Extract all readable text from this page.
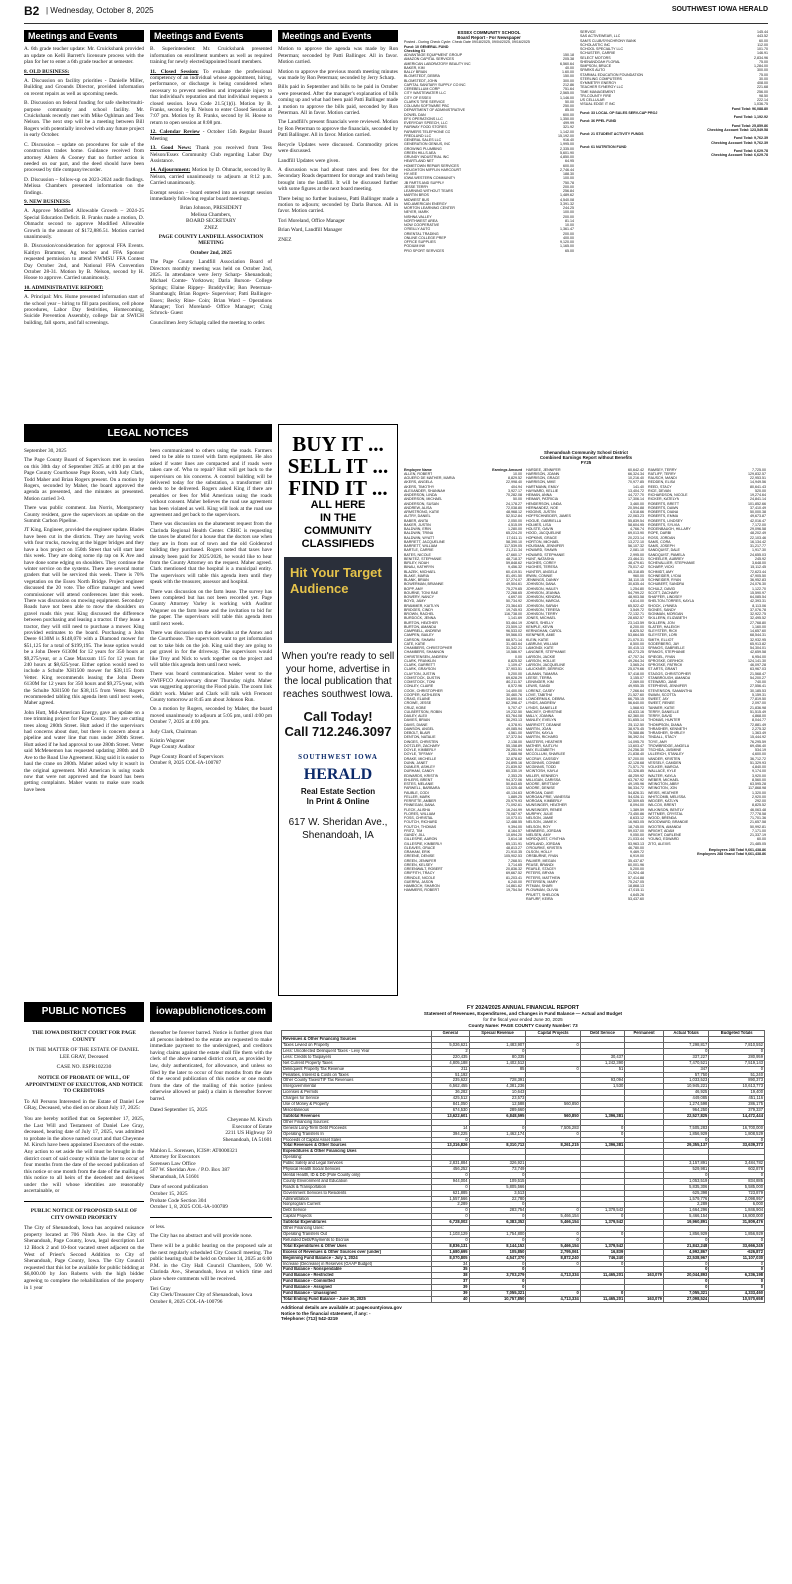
B2 | Wednesday, October 8, 2025	SOUTHWEST IOWA HERALD
Meetings and Events

A. 6th grade teacher update: Mr. Cruickshank provided an update on Kelli Barrett's licensure process with the plan for her to enter a 6th grade teacher at semester.

8. OLD BUSINESS:

A. Discussion on facility priorities - Danielle Miller, Building and Grounds Director, provided information on recent repairs as well as upcoming needs.

B. Discussion on federal funding for safe shelter/multi-purpose community and school facility. Mr. Cruickshank recently met with Mike Oghlman and Tess Nelson. The next step will be a meeting between Bill Rogers with potentially involved with any future project in early October.

C. Discussion – update on procedures for sale of the construction trades home. Guidance received from attorney Ahlers & Cooney that no further action is needed on our part, and the deed should have been processed by title company/recorder.

D. Discussion – follow-up on 2023-2024 audit findings. Melissa Chambers presented information on the findings.

9. NEW BUSINESS:

A. Approve Modified Allowable Growth – 2024-25 Special Education Deficit. B. Franks made a motion, D. Ohmacht second to approve Modified Allowable Growth in the amount of $172,886.51. Motion carried unanimously.

B. Discussion/consideration for approval FFA Events. Kaitlyn Brammer, Ag teacher and FFA Sponsor requested permission to attend NWMSU FFA Contest Day October 2nd, and National FFA Convention October 28-31. Motion by B. Nelson, second by H. Hoose to approve. Carried unanimously.

10. ADMINISTRATIVE REPORT:

A. Principal: Mrs. Hume presented information start of the school year – hiring to fill para positions, cell phone procedures, Labor Day festivities, Homecoming, Suicide Prevention Assembly, college fair at SWICH building, fall sports, and fall screenings.

Meetings and Events

B. Superintendent: Mr. Cruickshank presented information on enrollment numbers as well as required training for newly elected/appointed board members.

11. Closed Session: To evaluate the professional competency of an individual whose appointment, hiring, performance, or discharge is being considered when necessary to prevent needless and irreparable injury to that individual's reputation and that individual requests a closed session. Iowa Code 21.5(1)(i). Motion by B. Franks, second by B. Nelson to enter Closed Session at 7:07 pm. Motion by B. Franks, second by H. Hoose to return to open session at 8:08 pm.

12. Calendar Review - October 15th Regular Board Meeting

13. Good News: Thank you received from Tess Nelson/Essex Community Club regarding Labor Day Assistance.

14. Adjournment: Motion by D. Ohmacht, second by B. Nelson, carried unanimously to adjourn at 8:12 p.m. Carried unanimously.

Exempt session – board entered into an exempt session immediately following regular board meetings.

Brian Johnson, PRESIDENT
Melissa Chambers,
BOARD SECRETARY
ZNEZ

PAGE COUNTY LANDFILL ASSOCIATION MEETING

October 2nd, 2025

The Page County Landfill Association Board of Directors monthly meeting was held on October 2nd, 2025. In attendance were Jerry Scharp- Shenandoah; Michael Comte- Yorktown; Darla Burson- College Springs; Elaine Rippey- Braddyville; Ron Peterman- Shambaugh; Brian Rogers- Supervisor; Patti Ballinger- Essex; Becky Rine- Coin; Brian Ward – Operations Manager; Tori Moreland- Office Manager; Craig Schrock- Guest

Councilmen Jerry Schaplg called the meeting to order.

Meetings and Events

Motion to approve the agenda was made by Ron Peterman; seconded by Patti Ballinger. All in favor. Motion carried.

Motion to approve the previous month meeting minutes was made by Ron Peterman; seconded by Jerry Scharp.

Bills paid in September and bills to be paid in October were presented. After the manager's explanation of bills coming up and what had been paid Patti Ballinger made a motion to approve the bills paid, seconded by Ron Peterman. All in favor. Motion carried.

The Landfill's present financials were reviewed. Motion by Ron Peterman to approve the financials, seconded by Patti Ballinger. All in favor. Motion carried.

Recycle Updates were discussed. Commodity prices were discussed.

Landfill Updates were given.

A discussion was had about rates and fees for the Secondary Roads department for storage and trash being brought into the landfill. It will be discussed further with some figures at the next board meeting.

There being no further business, Patti Ballinger made a motion to adjourn; seconded by Darla Burson. All in favor. Motion carried.

Tori Moreland, Office Manager

Brian Ward, Landfill Manager

ZNEZ

ESSEX COMMUNITY SCHOOL
Board Report - For Newspaper
Posted - During Check Cycle: Check Date 09/18/2025, 09/04/2025, 09/16/2025
Fund: 10 GENERAL FUND
Checking 01
ADVANTAGE EQUIPMENT GROUP	150.18
AMAZON CAPITAL SERVICES	205.38
AMERICAN LABORATORY BEAUTY INC	6,560.64
BAKER, KIM	40.00
BALLY BRIAN	1.60.00
BLOMSTEDT, DEBRA	150.00
BLOMSTEDT, JOHN	300.00
CAPITAL SANITARY SUPPLY CO INC	212.86
CEREBELLUM CORP	751.64
CITY WASTEWATER LLC	2,565.00
CITY OF ESSEX	1,146.00
CLARK'S TIRE SERVICE	50.00
COLUMN SOFTWARE PBC	250.00
DEPARTMENT OF ADMINISTRATIVE	85.00
DOWEL DAN	600.00
EFX OPERATIONS LLC	1,350.00
EVERYDAY SPEECH, LLC	499.99
FAIRWAY FOOD STORES	321.92
FARMERS TELEPHONE CO	1,142.00
FREDLUND LLC	15,192.00
GENERAL SALES LLC	916.40
GENERATION GENIUS, INC	1,995.00
GROWING PLUMBING	2,335.00
GREEN HILLS AEA	5,601.90
GRUNDY INDUSTRIAL INC	4,850.00
HEARTLAND NET	64.95
HOMETOWN REPAIR SERVICES	600.00
HOUGHTON MIFFLIN HARCOURT	2,746.44
HY-VEE	188.30
IOWA WESTERN COMMUNITY	100.00
JB PARTS AND SUPPLY	750.78
JESSE TERRY	200.00
LEARNING WITHOUT TEARS	256.84
MARTIN BROS	1,489.62
MIDWEST BUS	4,540.08
MID-AMERICAN ENERGY	3,391.32
MORTON LEARNING CENTER	244.25
NEYER, MARK	100.00
NISHNA VALLEY	200.00
NORTHWEST AREA	81.14
NOW COOPERATIVE	10.00
O'REILLY AUTO	1,361.47
ORIENTAL TRADING	200.00
ONLINE COLLEGE PREP	400.00
OFFICE SUPPLIES	9,120.00
PODIUM INK	1,165.00
PRO SPORT SERVICES	65.00
SERVICE	145.44
SAS ACTIVEWEAR, LLC	443.52
SAM'S CLUB/SYNCHRONY BANK	60.00
SCHOLASTIC INC	112.00
SCHOOL SPECIALTY LLC	101.70
SCHUSTER, CARRIE	146.91
SELECT MOTORS	2,834.96
SHENANDOAH FLORAL	75.00
SIMPSON, BRUCE	1,284.00
SPARKS AUTO	300.00
STARMAL EDUCATION FOUNDATION	75.00
STERLING COMPUTERS	30.00
SYMMETRY ENERGY	408.00
TEACHER SYNERGY LLC	221.68
TIME MANAGEMENT	256.00
TRI-COUNTY FIRE	98.50
US CELLULAR	222.14
VISUAL EDGE IT INC	1,036.75
Fund Total: 96,088.80
Fund: 33 LOCAL OP SALES SERV-CAP PROJ
Fund Total: 1,192.92
Fund: 36 PPEL FUND
Fund Total: 25,859.86
Checking Account Total: 123,549.58
Fund: 21 STUDENT ACTIVITY FUNDS
Fund Total: 9,762.39
Checking Account Total: 9,762.39
Fund: 61 NUTRITION FUND
Fund Total: 6,629.78
Checking Account Total: 6,629.78
LEGAL NOTICES

September 30, 2025

The Page County Board of Supervisors met in session on this 30th day of September 2025 at 4:00 pm at the Page County Courthouse Page Room, with Judy Clark, Todd Maher and Brian Rogers present. On a motion by Rogers, seconded by Maher, the board approved the agenda as presented, and the minutes as presented. Motion carried 3-0.

There was public comment. Jan Norris, Montgomery County resident, gave the supervisors an update on the Summit Carbon Pipeline.

JT King, Engineer, provided the engineer update. Blades have been cut in the districts. They are having work with four trucks, mowing at the bigger bridges and they have a box project on 150th Street that will start later this week. They are doing some rip rap on K Ave and have done some edging on shoulders. They continue the winter service on the systems. There are several motor graders that will be serviced this week. There is 70% vegetation on the Essex North Bridge. Project engineer discussed the 20 vote. The office manager and weed commissioner will attend conferences later this week. There was discussion on mowing equipment. Secondary Roads have not been able to mow the shoulders on gravel roads this year. King discussed the difference between purchasing and leasing a tractor. If they lease a tractor, they will still need to purchase a mower. King provided estimates to the board. Purchasing a John Deere 6130M is $148,070 with a Diamond mower for $51,125 for a total of $199,195. The lease option would be a John Deere 6130M for 12 years for 350 hours at $9,275/year, or a Case Maxxum 115 for 12 years for 240 hours at $8,625/year. Either option would need to include a Schulte XH1500 mower for $38,115 from Vetter. King recommends leasing the John Deere 6130M for 12 years for 350 hours and $9,275/year, with the Schulte XH1500 for $38,115 from Vetter. Rogers recommended tabling this agenda item until next week, Maher agreed.

John Hutt, Mid-American Energy, gave an update on a tree trimming project for Page County. They are cutting trees along 280th Street. Hutt asked if the supervisors had concerns about dust, but there is concern about a pipeline and water line that runs under 280th Street. Hutt asked if he had approval to use 280th Street. Vetter said McMenemon has requested updating 280th and D Ave to the Road Use Agreement. King said it is easier to haul the crane on 280th. Maher asked why it wasn't in the original agreement. Mid American is using roads now that were not approved and the board has been getting complaints. Maher wants to make sure roads have been

been communicated to others using the roads. Farmers need to be able to travel with farm equipment. He also asked if water lines are compacted and if roads were taken care of. Who to repair? Hutt will get back to the supervisors on his concerns. A control building will be delivered today for the substation, a transformer still needs to be delivered. Rogers asked King if there are penalties or fees for Mid American using the roads without consent. Maher believes the road use agreement has been violated as well. King will look at the road use agreement and get back to the supervisors.

There was discussion on the abatement request from the Clarinda Regional Health Center. CRHC is requesting the taxes be abated for a house that the doctors use when they are in from out of town and the old Goldenrod building they purchased. Rogers noted that taxes have already been paid for 2025/2026, he would like to hear from the County Attorney on the request. Maher agreed. Clark mentioned that the hospital is a municipal entity. The supervisors will table this agenda item until they speak with the treasurer, assessor and hospital.

There was discussion on the farm lease. The survey has been completed but has not been recorded yet. Page County Attorney Varley is working with Auditor Wagoner on the farm lease and the invitation to bid for the paper. The supervisors will table this agenda item until next week.

There was discussion on the sidewalks at the Annex and the Courthouse. The supervisors want to get information out to take bids on the job. King said they are going to put gravel in for the driveway. The supervisors would like Troy and Nick to work together on the project and will table this agenda item until next week.

There was board communication. Maher went to the SWIFFCO Anniversary dinner Thursday night. Maher was suggesting approving the Flood plain. The zoom link didn't work. Maher and Clark will talk with Fremont County tomorrow at 8:45 am about Johnson Run.

On a motion by Rogers, seconded by Maher, the board moved unanimously to adjourn at 5:05 pm, until 4:00 pm October 7, 2025 at 4:00 pm.

Judy Clark, Chairman

Kristin Wagoner
Page County Auditor

Page County Board of Supervisors
October 8, 2025 COL-IA-100787

BUY IT ...
SELL IT ...
FIND IT ...
ALL HERE
IN THE
COMMUNITY
CLASSIFIEDS
Hit Your Target Audience
When you're ready to sell your home, advertise in the local publication that reaches southwest Iowa.
Call Today!
Call 712.246.3097
SOUTHWEST IOWA
HERALD
Real Estate Section
In Print & Online
617 W. Sheridan Ave.,
Shenandoah, IA
Shenandoah Community School District
Combined Earnings Report without Benefits
FY25
Employee Name	Earnings Amount
ALLEN, ROBERT	10.00
AGUERO DE MATHER, MARIA	8,829.52
AKERS, ANGELA	22,998.40
AKERS, TIMOTHY	404.94
ALEXANDER, SHANNAH	3,927.17
ANDERSON, LINDA	70,282.08
ANDERSON, MICHAEL	50.00
ANDERSON, SUSAN	24,178.27
ANDREW, ALISA	72,038.80
ARMSTRONG, KATIE	48,968.12
AUTRY, DANIEL	52,512.84
BABER, ANITA	2,050.00
BAKER, JUSTIN	4,515.09
BALDWIN, ERIN	1,280.00
BALDWIN, TRINA	65,224.20
BALDWIN, WYATT	17,611.11
BARRETT, JACQUELINE	58,390.10
BARRETT, WILLIAM	117,539.05
BARTLE, CARRIE	21,211.34
BATES, NICOLE	47,660.17
BENITEZ, STEPHANIE	48,718.37
BIRLEY, NOAH	59,848.62
BINAU, KATHRYN	9,456.32
BLAZEK, MICHAEL	60,419.51
BLAKE, MARIA	81,491.50
BLANK, BRIAN	37,274.07
BOWERMAN, BRIANNE	49,504.61
BOPP, AMY	75,279.65
BOURNE, TONI RAE	72,268.65
BOWERY, NANCY	4,697.00
BOYD, JAMY	50,734.92
BRAMMER, KAITLYN	23,364.63
BRIDGES, CINDY	19,745.93
BROWN, RACHEL	116,738.00
BURDOCK, JENNA	1,141.69
BURTON, HEATHER	53,464.19
BURTON, AMANDA	23,509.12
CAMPBELL, ANDREW	96,533.02
CAMPEN, BAILEY	59,566.03
CARSON, SHAWN	68,571.14
CATE, KATIE	31,483.64
CHAMBERS, CHRISTOPHER	31,342.21
CHAMBERS, SHANNON	10,586.97
CHRISTENSEN, ANDREW	0.00
CLARK, FRANKLIN	8,825.52
CLARK, GARRETT	1,109.47
CLARK, GRAYSON	37,903.51
CLAYTON, JUSTIN	5,200.00
COMSTOCK, DUSTIN	69,628.29
COMSTOCK, TONI	80,211.57
CONLEY, CLAIRE	8,572.96
COOK, CHRISTOPHER	14,400.00
COOPER, KATHLEEN	30,460.76
CRAIG, ELAINE	34,690.04
CROWE, JESSE	62,398.47
CRUZ, KOBE	5,707.47
CULBERTSON, ROBIN	19,232.50
DAILEY, ALEX	63,764.08
DAVIES, BRIAN	36,293.13
DAVIS, DIANE	4,378.91
DAWSON, ANGEL	49,085.94
DEBOLT, BLAIR	4,561.00
DENTON, NATALIE	37,372.54
DINGES, CHRISTEN	2,138.00
DOTZLER, ZACHARY	55,158.89
DOYLE, KIMBERLY	28,251.94
DOYLE, TIFFANY	3,688.98
DRAKE, MICHELLE	32,878.62
DUNN, JANET	24,895.16
DUMLER, ASHLEY	21,839.52
DURHAM, CANDY	60,330.19
EDWARDS, KRISTIN	2,353.25
EHLERS, BRENT	94,372.06
ESTES, MELANIE	50,843.65
FARWELL, BARBARA	13,025.48
FAUBLE, CODI	40,134.63
FELLER, MARK	1,889.25
FERRITTE, AMBER	25,979.93
FINNEGAN, DANA	71,092.61
FLECK, ALISHA	16,244.99
FLORES, WILLIAM	70,087.97
FOSS, CHRISTAL	10,073.01
FOUTCH, RICHARD	12,488.55
FOUTCH, THOMAS	9,394.00
FRITZ, TIM	8,164.57
GANDY, JILL	10,694.20
GILLESPIE, AARON	3,614.18
GILLESPIE, KIMBERLY	65,131.91
GLEAVES, GRACE	48,813.27
GRAHAM, ERIK	21,910.35
GREENE, DENISE	105,902.53
GREEN, JENNIFER	7,268.51
GREEN, KELSEY	3,714.65
GREENWALT, ROBERT	20,836.32
GRIFFITH, TRACY	69,667.52
GRINDLE, NICOLE	81,203.41
GUERRA, JASON	6,240.00
HAMBOCH, SHARON	14,861.62
HAMMERS, ROBERT	19,754.54
HARDEE, JENNIFER	60,642.42
HARRISON, JOANN	66,324.34
HARRISON, GRACE	10,216.40
HARRISON, MIKE	70,977.85
HARTMANN, EMILY	141.40
HAYWARD, KELLIE	13,404.72
HEIMAN, ANNA	44,727.70
HEIMAR, PATRICIA	17,306.14
HENDERSON, LINDA	3,460.00
HERNANDEZ, NOE	20,594.88
HIGGINS, JUSTIN	4,518.66
HOFFSCHNEIDER, JAMES	22,063.23
HOGUE, GABRIELLA	55,839.54
HOLMES, LISA	58,604.95
HOLSTE, GAVIN	4,766.74
HOOD, JACQUELINE	69,013.90
HOPKINS, GRACE	20,223.14
HORTON, MICHAEL	13,272.10
HOUSMAN, JENNIFER	56,107.32
HOWARD, SHAWN	2,081.10
HOWARD, STEPHANIE	2,995.00
HUNT, NATASHA	23,464.31
HUGHES, COREY	48,479.61
HUGHES, TERESA	75,017.42
HUNTER, ANGELA	65,318.85
IRWIN, CONNIE	960.00
JENNINGS, DANNY	38,110.15
JOHNSON, DANA	30,635.44
JOHNSON, HAILEY	1,254.80
JOHNSON, JEANNA	54,799.22
JOHNSON, KENDRA	48,903.58
JOHNSON, MARCIA	4,614.00
JOHNSON, SARAH	65,522.42
JOHNSON, TERESA	3,549.72
JOHNSON, TERRY	72,132.71
JONES, MICHAEL	28,652.57
JONES, SHELLY	23,143.59
KEMPLE, KEVIN	8,200.00
KERNIGHAN, CAROL	8,825.52
KIENPNER, AMIE	53,664.55
KLEIN, KATIE	21,070.31
LABRUNI, WILLIAM	8,500.00
LAMONDI, KATE	30,415.13
LANGNER, STEPHANIE	65,273.25
LARSON, JACKIE	47,707.34
LARSON, HOLLIE	49,264.34
LARSON, JACQUELINE	3,565.24
LAUCKNER, DERRICK	25,079.66
LAUMAN, TAMARA	57,418.00
LEESE, TERRA	3,155.07
LEININGER, KIM	2,069.00
LEWIS, SANDI	49,955.35
LORENZ, CASEY	7,266.64
LOVE, TABITHA	21,527.60
LOWDERMILK, DEBRA	66,755.15
LYNDS, ANDREW	56,640.00
LYNDS, DANIELLE	1,568.93
MACKEY, CHRISTINE	43,633.16
MALLY, JOANNA	62,360.00
MANLEY, EVELYN	51,655.14
MARRIOTT, DEANNE	25,112.50
MARTIN, JOAN	38,975.45
MARTIN, KAYLA	75,588.86
MARTIN, RICHARD	56,392.04
MASTERS, HEATHER	14,095.70
MATHER, KAITLYN	13,603.47
MAY, ELIZABETH	24,256.30
MCCOLLUM, SHARLEE	21,838.40
MCCRAY, CASSIDY	57,200.00
MCGINNIS, CONNIE	42,128.68
MCGINNIS, TODD	71,571.70
MCINTOSH, KAYLA	31,326.85
MILLER, KENNEDY	48,259.92
MILLIGAN, CARISSA	63,767.92
MOORE, BRITTANY	49,195.96
MOORE, DENISE	56,334.72
MORGAN, DAVE	54,826.31
MORGAN-FRIE, VANESSA	54,026.11
MORGAN, KIMBERLY	52,509.65
MUNSINGER, HEATHER	8,094.00
MUNSINGER, RENEE	1,389.59
MURPHY, JULIE	73,450.86
NELSON, JAMIE	8,633.12
NELSON, JAMIE K	16,983.05
NELSON, ROY	18,745.00
NEWBERG, JORDAN	59,037.00
NIELSEN, AMY	9,050.00
NORDQUIST, CYNTHIA	21,033.44
NORLAND, JORDAN	53,963.13
O'ROURKE, KRISTEN	46,780.00
OLSON, HOLLY	9,469.72
ORSBURNE, RYAN	6,919.00
PALMER, MEGAN	35,437.87
PEASE, BRANDI	60,001.96
PEARLE, STACEY	5,200.00
PETERS, BRYAN	21,924.48
PETERS, MATTHEW	57,414.88
PETERSEN, MARY	75,247.05
PITMAN, SHARI	18,868.13
PLOWMAN, OLIVIA	47,015.11
PRUETT, SHELDON	4,645.26
RAFURF, KEIRA	53,437.60
RAMSEY, TERRY	7,725.00
RATLIFF, TERRY	129,832.57
RAUSCH, MANDI	22,953.51
REDDEN, ELISA	14,949.56
REED, STACY	80,641.43
RICE, DEVAN	520.00
RICHARDSON, NICOLE	19,274.64
RICKER, KATELYN	24,841.14
ROBERTS, BRETT	101,852.66
ROBERTS, DAWN	37,410.49
ROBERTS, DIANA	50,000.38
ROBERTS, EMMA	49,673.87
ROBERTS, LINDSEY	42,016.47
ROBERTS, SYLVIA	7,172.00
RODENBAUGH, HILLARY	29,096.58
ROPE, DARBI	48,202.49
ROSS, JORDAN	22,103.46
SAMS, CORA	16,134.42
SAMS, JOSEPH	31,217.77
SANDQUIST, DALE	1,917.30
SANDQUIST, PAMELA	24,655.03
SCHEELER, AUBREY	245.92
SCHEVALLIER, STEPHANIE	3,648.00
SCHARP, VICKI	15,112.45
SCHMIDT, AMY	72,623.44
SCHNEIDER, LYDIA	47,905.50
SCHNEIDER, RYAN	36,952.83
SCHUBERT, SANDRA	24,076.30
SCHULZ, DAVID	1,122.70
SCOTT, ZACHARY	15,590.97
SHAFFER, LINDSEY	64,085.54
SHELTON-TORRES, KAYLA	42,393.31
SHOCK, LYNNEA	8,113.06
SIGNES, SANDY	37,076.78
SIGNMAN, MORGAN	32,922.75
SKILLERN, ELIZABETH	32,495.52
SKILLERN, JON	27,768.80
SLATER, HALEIGH	1,160.00
SLEYSTER, RICK	14,657.60
SLEYSTER, LORI	68,544.31
SMITH, ELLIOT	32,932.95
SODERBERG, JAY	65,913.82
SPANOS, GABRIELLE	54,304.01
SPANOS, STEPHANIE	42,659.58
SPIEGEL, RYAN	6,954.00
SPROSKE, DERHICK	124,141.30
SPROSKE, PATRICK	46,097.28
ST ARTS, GRANT	63,967.03
STAGGS, CHRISTOPHER	21,568.47
STANBROUGH, AMANDA	54,200.27
STEWARD, JANE	740.00
STEPHENS, JENNIFER	27,556.41
STEVENSON, SAMANTHA	30,185.53
SWAIN, SCOTTA	5,159.31
SWEET, JAY	77,819.50
SWEET, RENEE	2,097.00
TANNER, KATIE	21,836.98
TERRY, DANIELLE	51,515.49
TERRY, DAVID	4,868.00
THOMAS, HUNTER	8,044.77
THOMPSON, DIANA	72,881.49
THRASHER, KENNETH	2,275.32
THRASHER, SHIRLEY	1,363.49
TINDALL, STACY	15,444.92
TOYE, AMY	76,295.59
TROWBRIDGE, ANGELA	69,456.40
TSCHIDA, JASMINE	534.19
ULLERICH, STANLEY	4,600.00
VANDER, KRISTEN	36,712.72
VESSELY, CAMDEN	51,329.93
VOLKER, MARCIA	4,840.00
WALLACE, KYLE	9,174.00
WALTER, KAYLA	3,920.00
WEBER, MICHAEL	8,560.00
WEINGTON, ABBY	63,595.28
WEINGTON, JON	117,868.98
WEISS, HEATHER	1,320.00
WHITCOMB, MELISSA	2,920.00
WIDGER, KATLYN	292.00
WILCOX, BRENT	8,825.52
WILKINSON, BENTLY	46,063.48
WITTMER, CRYSTAL	77,778.58
WOOD, BRENDA	71,701.36
WOODWARD, BRANDIE	21,657.58
WOOTEN, AMANDA	50,992.81
WRIGHT, ADAM	7,171.00
WRIGHT, DARLENE	21,337.19
YOUNG, EDWARD	60.00
ZITO, ALEXIS	21,485.05
Employees 288 Total 9,661,438.86
Employees 288 Grand Total 9,661,438.86
PUBLIC NOTICES	iowapublicnotices.com

THE IOWA DISTRICT COURT FOR PAGE COUNTY

IN THE MATTER OF THE ESTATE OF DANIEL LEE GRAY, Deceased

CASE NO. ESPR102230

NOTICE OF PROBATE OF WILL, OF APPOINTMENT OF EXECUTOR, AND NOTICE TO CREDITORS

To All Persons Interested in the Estate of Daniel Lee GRay, Deceased, who died on or about July 17, 2025:

You are hereby notified that on September 17, 2025, the Last Will and Testament of Daniel Lee Gray, deceased, bearing date of July 17, 2025, was admitted to probate in the above named court and that Cheyenne M. Kirsch have been appointed Executors of the estate. Any action to set aside the will must be brought in the district court of said county within the later to occur of four months from the date of the second publication of this notice or one month from the date of the mailing of this notice to all heirs of the decedent and devisees under the will whose identities are reasonably ascertainable, or

PUBLIC NOTICE OF PROPOSED SALE OF CITY OWNED PROPERTY

The City of Shenandoah, Iowa has acquired nuisance property located at 706 Ninth Ave. in the City of Shenandoah, Page County, Iowa, legal description Lot 12 Block 2 and 10-foot vacated street adjacent on the West of Priest's Second Addition to City of Shenandoah, Page County, Iowa. The City Council requested that this lot be available for public bidding at $6,000.00 by Jon Roberts with the high bidder agreeing to complete the rehabilitation of the property in 1 year

thereafter be forever barred. Notice is further given that all persons indebted to the estate are requested to make immediate payment to the undersigned, and creditors having claims against the estate shall file them with the clerk of the above named district court, as provided by law, duly authenticated, for allowance, and unless so filed by the later to occur of four months from the date of the second publication of this notice or one month from the date of the mailing of this notice (unless otherwise allowed or paid) a claim is thereafter forever barred.

Dated September 15, 2025

Cheyenne M. Kirsch
Executor of Estate
2211 US Highway 59
Shenandoah, IA 51601

Mahlon L. Sorensen, ICIS#: AT0000321
Attorney for Executors
Sorensen Law Office
507 W. Sheridan Ave. / P.O. Box 387
Shenandoah, IA 51601

Date of second publication
October 15, 2025
Probate Code Section 304
October 1, 8, 2025 COL-IA-100789

or less.

The City has no abstract and will provide none.

There will be a public hearing on the proposed sale at the next regularly scheduled City Council meeting. The public hearing shall be held on October 14, 2025 at 6:00 P.M. in the City Hall Council Chambers, 500 W. Clarinda Ave., Shenandoah, Iowa at which time and place where comments will be received.

Teri Gray
City Clerk/Treasurer City of Shenandoah, Iowa
October 8, 2025 COL-IA-100796

FY 2024/2025 ANNUAL FINANCIAL REPORT
Statement of Revenues, Expenditures, and Changes in Fund Balance — Actual and Budget
for the fiscal year ended June 30, 2025
County Name: PAGE COUNTY County Number: 73
	General	Special Revenue	Capital Projects	Debt Service	Permanent	Actual Totals	Budgeted Totals
Revenues & Other Financing Sources							
Taxes Levied on Property	5,026,621	1,483,907	0			7,298,817	7,810,552
Less: Uncollected Delinquent Taxes - Levy Year	2	0				0	0
Less: Credits to Taxpayers	220,435	80,335		30,437		337,227	280,959
Net Current Property Taxes	4,805,188	1,402,512		1,242,390		7,470,521	7,519,143
Delinquent Property Tax Revenue	211	85	0	51		347	0
Penalties, Interest & Costs on Taxes	51,192					57,750	51,240
Other County Taxes/TIF Tax Revenues	235,622	728,391		93,094		1,033,523	890,373
Intergovernmental	6,562,455	4,381,236		1,530		10,945,221	10,613,773
Licenses & Permits	36,282	10,643				46,925	19,400
Charges for Service	425,512	23,573				449,085	451,116
Use of Money & Property	841,050	12,588	560,850			1,274,598	286,175
Miscellaneous	674,530	289,660				964,250	379,337
Subtotal Revenues	13,622,601	6,848,595	560,850	1,396,381		22,527,825	14,472,444
Other Financing Sources:							
General Long-Term Debt Proceeds	14	0	7,505,283	0		7,505,283	16,700,000
Operating Transfers In	394,225	1,462,174	0	0		1,856,929	1,808,529
Proceeds of Capital Asset Sales	0					0	0
Total Revenues & Other Sources	13,316,826	8,310,712	8,261,215	1,396,381		29,355,137	33,639,373
Expenditures & Other Financing Uses							
Operating:							
Public Safety and Legal Services	2,831,884	326,921				3,157,891	3,484,782
Physical Health Social Services	456,252	73,749				529,981	602,878
Mental Health, ID & DD (Pole County only)	0	0				0	0
County Environment and Education	944,004	109,515				1,053,519	834,885
Roads & Transportation	0	5,805,566				5,835,306	5,585,000
Government Services to Residents	621,885	3,513				625,398	723,879
Administration	1,557,566	22,780				1,579,776	2,098,957
Nonprogram Current	2,289	0				2,289	6,000
Debt Service	0	283,754	0	1,379,542		1,664,296	1,846,904
Capital Projects	0	0	5,466,154	0		5,466,154	16,800,000
Subtotal Expenditures	6,728,002	6,383,352	5,466,154	1,379,542		19,960,891	31,809,476
Other Financing Uses:							
Operating Transfers Out	1,103,129	1,754,800	0	0		1,856,929	1,856,929
Refunded Debt/Payments to Escrow	0	0	0			0	0
Total Expenditures & Other Uses	8,836,131	8,144,152	5,466,154	1,379,542		21,842,248	33,666,245
Excess of Revenues & Other Sources over (under)	1,680,695	105,850	2,795,061	16,839		4,992,867	-626,872
Beginning Fund Balance - July 1, 2024	8,070,805	4,547,370	8,872,240	746,240		22,538,967	11,107,030
Increase (Decrease) in Reserves (GAAP Budget)	34	0	0	0		0	0
Fund Balance - Nonspendable	35	0				0	0
Fund Balance - Restricted	38	3,703,279	4,713,334	11,465,201	163,079	20,044,893	6,236,198
Fund Balance - Committed	37	0				0	0
Fund Balance - Assigned	39	0				0	0
Fund Balance - Unassigned	39	7,055,321	0	0		7,055,321	4,333,460
Total Ending Fund Balance - June 30, 2025	40	10,757,850	4,713,334	11,465,201	163,079	27,098,524	10,570,658
Additional details are available at: pagecountyiowa.gov
Notice to the financial statement, if any: -
Telephone: (712) 542-3219
